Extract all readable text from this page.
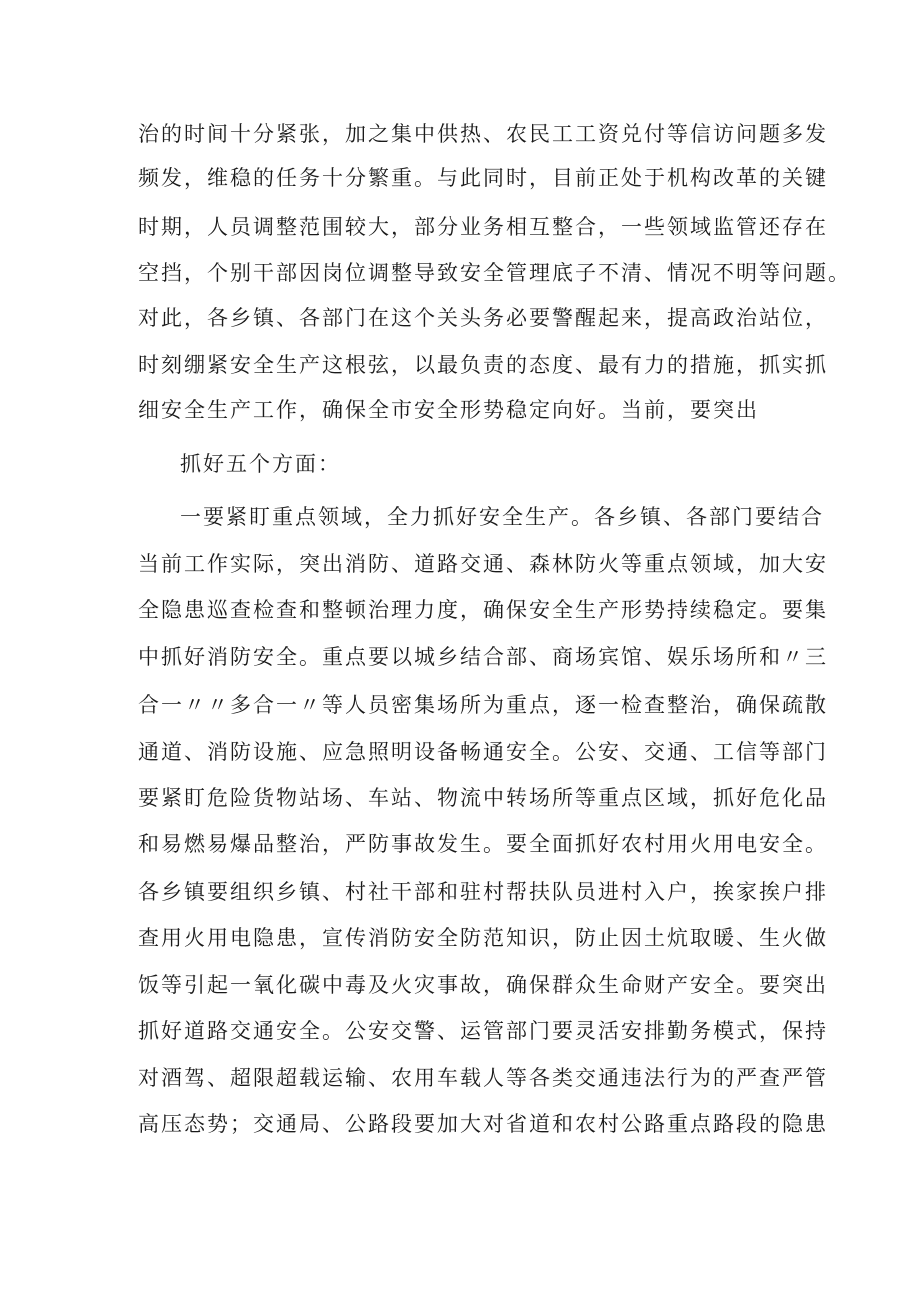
治的时间十分紧张，加之集中供热、农民工工资兑付等信访问题多发
频发，维稳的任务十分繁重。与此同时，目前正处于机构改革的关键
时期，人员调整范围较大，部分业务相互整合，一些领域监管还存在
空挡，个别干部因岗位调整导致安全管理底子不清、情况不明等问题。
对此，各乡镇、各部门在这个关头务必要警醒起来，提高政治站位，
时刻绷紧安全生产这根弦，以最负责的态度、最有力的措施，抓实抓
细安全生产工作，确保全市安全形势稳定向好。当前，要突出
抓好五个方面：
一要紧盯重点领域，全力抓好安全生产。各乡镇、各部门要结合
当前工作实际，突出消防、道路交通、森林防火等重点领域，加大安
全隐患巡查检查和整顿治理力度，确保安全生产形势持续稳定。要集
中抓好消防安全。重点要以城乡结合部、商场宾馆、娱乐场所和〃三
合一〃〃多合一〃等人员密集场所为重点，逐一检查整治，确保疏散
通道、消防设施、应急照明设备畅通安全。公安、交通、工信等部门
要紧盯危险货物站场、车站、物流中转场所等重点区域，抓好危化品
和易燃易爆品整治，严防事故发生。要全面抓好农村用火用电安全。
各乡镇要组织乡镇、村社干部和驻村帮扶队员进村入户，挨家挨户排
查用火用电隐患，宣传消防安全防范知识，防止因土炕取暖、生火做
饭等引起一氧化碳中毒及火灾事故，确保群众生命财产安全。要突出
抓好道路交通安全。公安交警、运管部门要灵活安排勤务模式，保持
对酒驾、超限超载运输、农用车载人等各类交通违法行为的严查严管
高压态势；交通局、公路段要加大对省道和农村公路重点路段的隐患
